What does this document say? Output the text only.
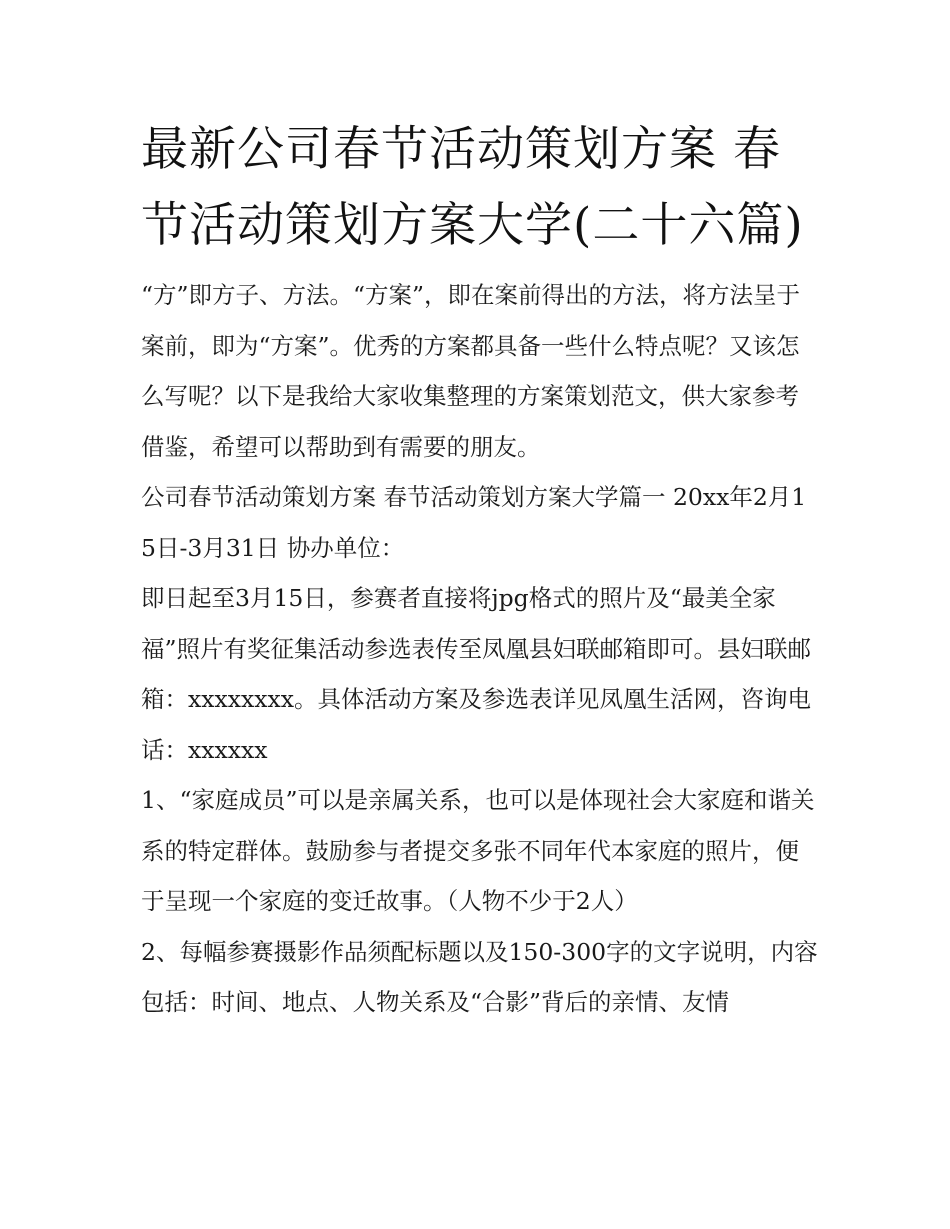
最新公司春节活动策划方案 春节活动策划方案大学(二十六篇)

“方”即方子、方法。“方案”，即在案前得出的方法，将方法呈于案前，即为“方案”。优秀的方案都具备一些什么特点呢？又该怎么写呢？以下是我给大家收集整理的方案策划范文，供大家参考借鉴，希望可以帮助到有需要的朋友。

公司春节活动策划方案 春节活动策划方案大学篇一 20xx年2月15日-3月31日 协办单位：

即日起至3月15日，参赛者直接将jpg格式的照片及“最美全家福”照片有奖征集活动参选表传至凤凰县妇联邮箱即可。县妇联邮箱：xxxxxxxx。具体活动方案及参选表详见凤凰生活网，咨询电话：xxxxxx

1、“家庭成员”可以是亲属关系，也可以是体现社会大家庭和谐关系的特定群体。鼓励参与者提交多张不同年代本家庭的照片，便于呈现一个家庭的变迁故事。（人物不少于2人）

2、每幅参赛摄影作品须配标题以及150-300字的文字说明，内容包括：时间、地点、人物关系及“合影”背后的亲情、友情
